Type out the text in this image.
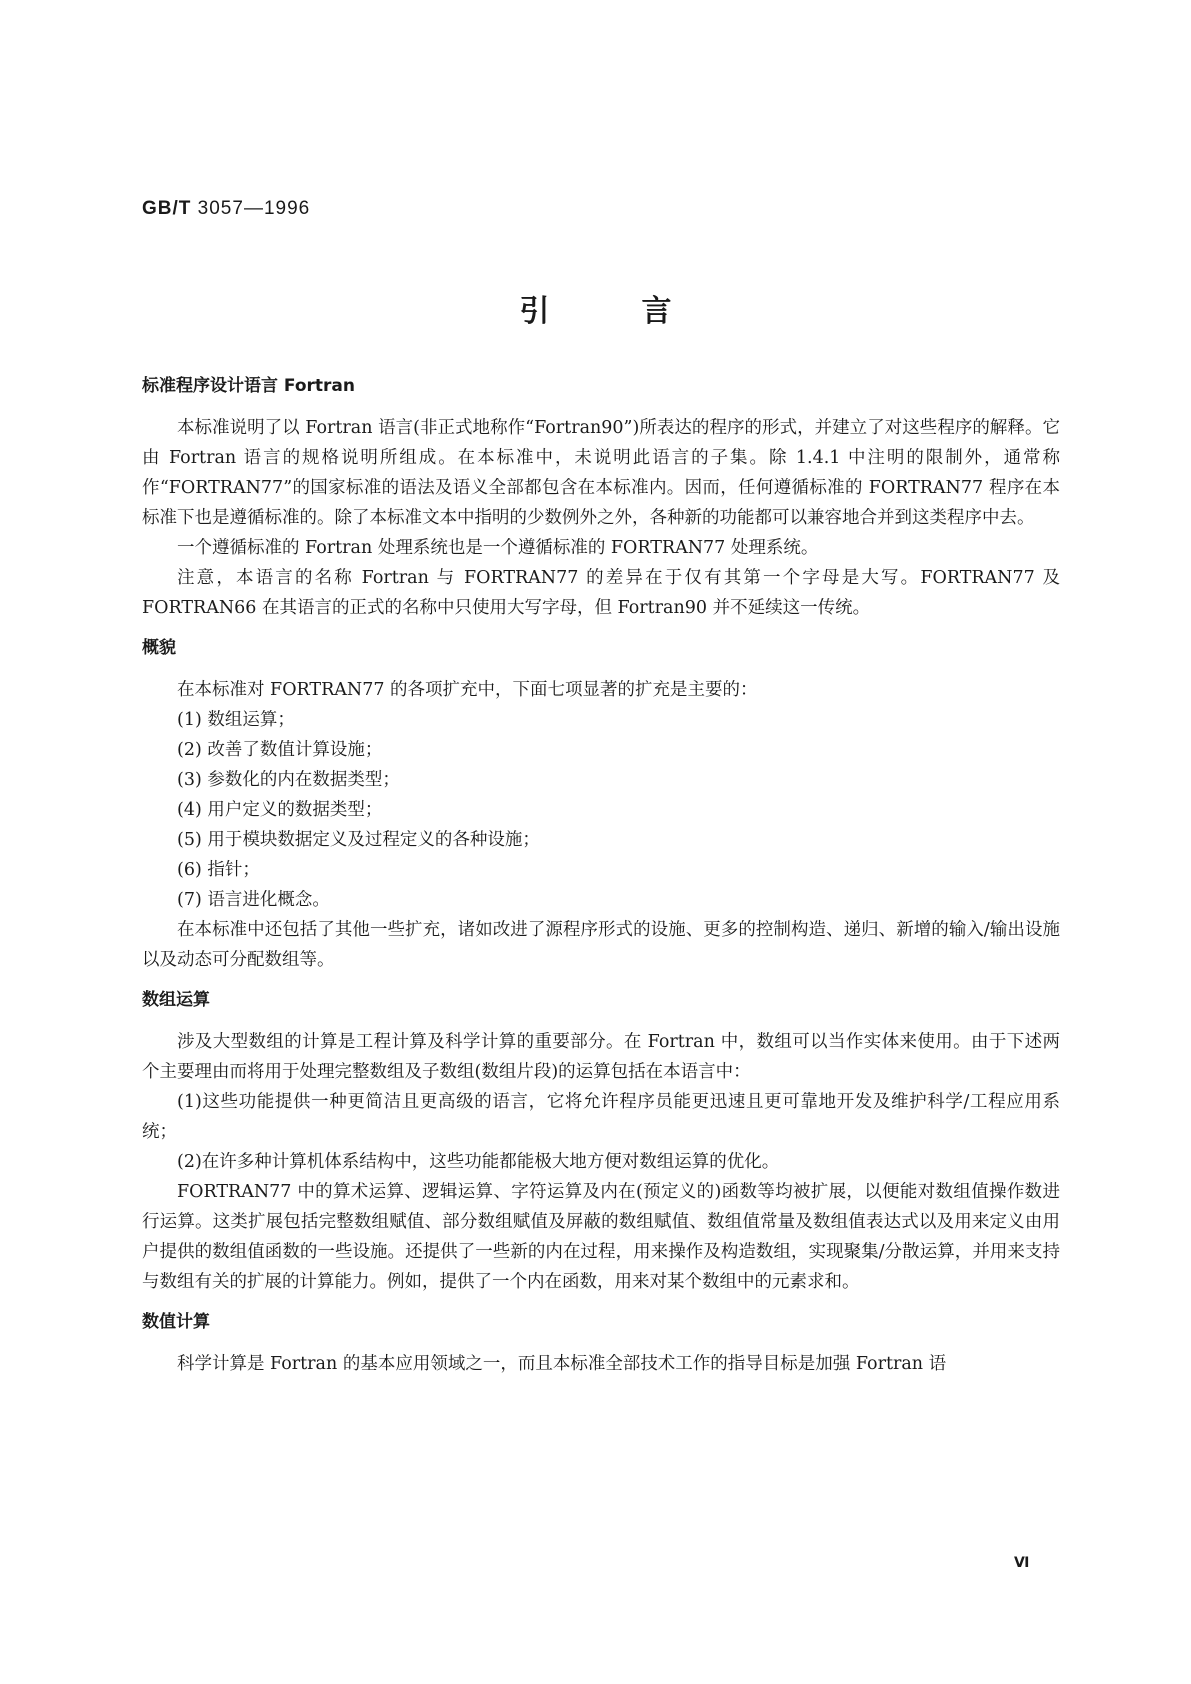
GB/T 3057—1996
引言
标准程序设计语言 Fortran

本标准说明了以 Fortran 语言(非正式地称作“Fortran90”)所表达的程序的形式，并建立了对这些程序的解释。它由 Fortran 语言的规格说明所组成。在本标准中，未说明此语言的子集。除 1.4.1 中注明的限制外，通常称作“FORTRAN77”的国家标准的语法及语义全部都包含在本标准内。因而，任何遵循标准的 FORTRAN77 程序在本标准下也是遵循标准的。除了本标准文本中指明的少数例外之外，各种新的功能都可以兼容地合并到这类程序中去。

一个遵循标准的 Fortran 处理系统也是一个遵循标准的 FORTRAN77 处理系统。

注意，本语言的名称 Fortran 与 FORTRAN77 的差异在于仅有其第一个字母是大写。FORTRAN77 及 FORTRAN66 在其语言的正式的名称中只使用大写字母，但 Fortran90 并不延续这一传统。

概貌

在本标准对 FORTRAN77 的各项扩充中，下面七项显著的扩充是主要的：

(1) 数组运算；

(2) 改善了数值计算设施；

(3) 参数化的内在数据类型；

(4) 用户定义的数据类型；

(5) 用于模块数据定义及过程定义的各种设施；

(6) 指针；

(7) 语言进化概念。

在本标准中还包括了其他一些扩充，诸如改进了源程序形式的设施、更多的控制构造、递归、新增的输入/输出设施以及动态可分配数组等。

数组运算

涉及大型数组的计算是工程计算及科学计算的重要部分。在 Fortran 中，数组可以当作实体来使用。由于下述两个主要理由而将用于处理完整数组及子数组(数组片段)的运算包括在本语言中：

(1)这些功能提供一种更简洁且更高级的语言，它将允许程序员能更迅速且更可靠地开发及维护科学/工程应用系统；

(2)在许多种计算机体系结构中，这些功能都能极大地方便对数组运算的优化。

FORTRAN77 中的算术运算、逻辑运算、字符运算及内在(预定义的)函数等均被扩展，以便能对数组值操作数进行运算。这类扩展包括完整数组赋值、部分数组赋值及屏蔽的数组赋值、数组值常量及数组值表达式以及用来定义由用户提供的数组值函数的一些设施。还提供了一些新的内在过程，用来操作及构造数组，实现聚集/分散运算，并用来支持与数组有关的扩展的计算能力。例如，提供了一个内在函数，用来对某个数组中的元素求和。

数值计算

科学计算是 Fortran 的基本应用领域之一，而且本标准全部技术工作的指导目标是加强 Fortran 语

Ⅵ
